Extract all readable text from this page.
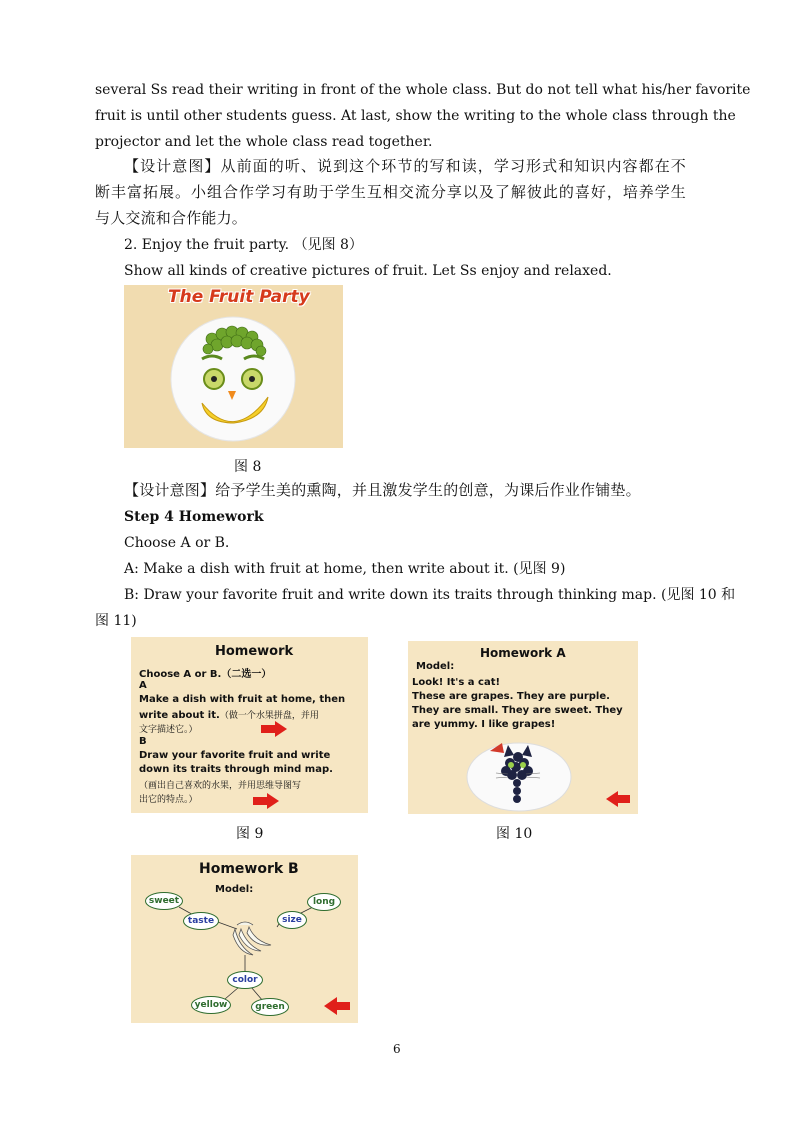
several Ss read their writing in front of the whole class. But do not tell what his/her favorite
fruit is until other students guess. At last, show the writing to the whole class through the
projector and let the whole class read together.
【设计意图】从前面的听、说到这个环节的写和读，学习形式和知识内容都在不
断丰富拓展。小组合作学习有助于学生互相交流分享以及了解彼此的喜好，培养学生
与人交流和合作能力。
2. Enjoy the fruit party. （见图 8）
Show all kinds of creative pictures of fruit. Let Ss enjoy and relaxed.
The Fruit Party
图 8
【设计意图】给予学生美的熏陶，并且激发学生的创意，为课后作业作铺垫。
Step 4 Homework
Choose A or B.
A: Make a dish with fruit at home, then write about it. (见图 9)
B: Draw your favorite fruit and write down its traits through thinking map. (见图 10 和
图 11)
Homework
Choose A or B.（二选一）
A
Make a dish with fruit at home, then
write about it.（做一个水果拼盘，并用
文字描述它。）
B
Draw your favorite fruit and write
down its traits through mind map.
（画出自己喜欢的水果，并用思维导图写
出它的特点。）
图 9
Homework A
Model:
Look! It's a cat!
These are grapes. They are purple.
They are small. They are sweet. They
are yummy. I like grapes!
图 10
Homework B
Model:
sweet
taste	size
long
color
yellow	green
6
